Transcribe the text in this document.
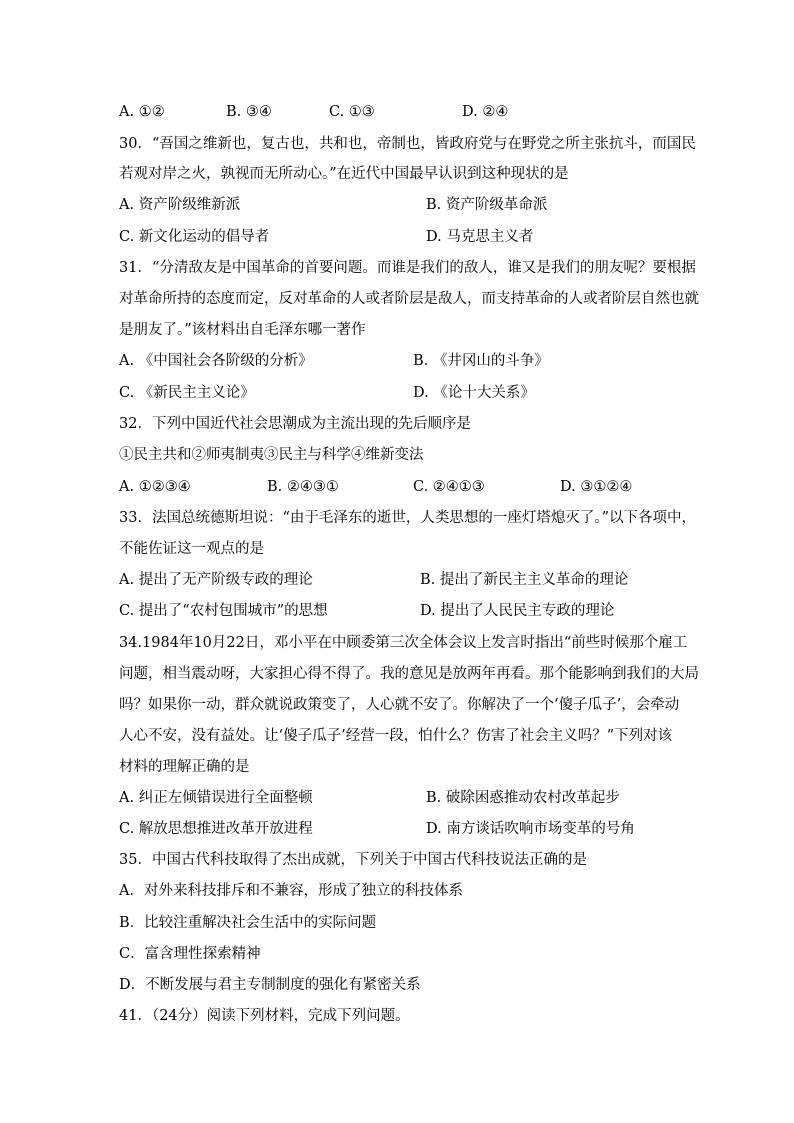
A. ①②	B. ③④	C. ①③	D. ②④
30．“吾国之维新也，复古也，共和也，帝制也，皆政府党与在野党之所主张抗斗，而国民
若观对岸之火，孰视而无所动心。”在近代中国最早认识到这种现状的是
A. 资产阶级维新派	B. 资产阶级革命派
C. 新文化运动的倡导者	D. 马克思主义者
31．“分清敌友是中国革命的首要问题。而谁是我们的敌人，谁又是我们的朋友呢？要根据
对革命所持的态度而定，反对革命的人或者阶层是敌人，而支持革命的人或者阶层自然也就
是朋友了。”该材料出自毛泽东哪一著作
A. 《中国社会各阶级的分析》	B. 《井冈山的斗争》
C. 《新民主主义论》	D. 《论十大关系》
32．下列中国近代社会思潮成为主流出现的先后顺序是
①民主共和②师夷制夷③民主与科学④维新变法
A. ①②③④	B. ②④③①	C. ②④①③	D. ③①②④
33．法国总统德斯坦说：“由于毛泽东的逝世，人类思想的一座灯塔熄灭了。”以下各项中，
不能佐证这一观点的是
A. 提出了无产阶级专政的理论	B. 提出了新民主主义革命的理论
C. 提出了“农村包围城市”的思想	D. 提出了人民民主专政的理论
34.1984年10月22日，邓小平在中顾委第三次全体会议上发言时指出“前些时候那个雇工
问题，相当震动呀，大家担心得不得了。我的意见是放两年再看。那个能影响到我们的大局
吗？如果你一动，群众就说政策变了，人心就不安了。你解决了一个‘傻子瓜子’，会牵动
人心不安，没有益处。让‘傻子瓜子’经营一段，怕什么？伤害了社会主义吗？”下列对该
材料的理解正确的是
A. 纠正左倾错误进行全面整顿	B. 破除困惑推动农村改革起步
C. 解放思想推进改革开放进程	D. 南方谈话吹响市场变革的号角
35．中国古代科技取得了杰出成就，下列关于中国古代科技说法正确的是
A．对外来科技排斥和不兼容，形成了独立的科技体系
B．比较注重解决社会生活中的实际问题
C．富含理性探索精神
D．不断发展与君主专制制度的强化有紧密关系
41．（24分）阅读下列材料，完成下列问题。
